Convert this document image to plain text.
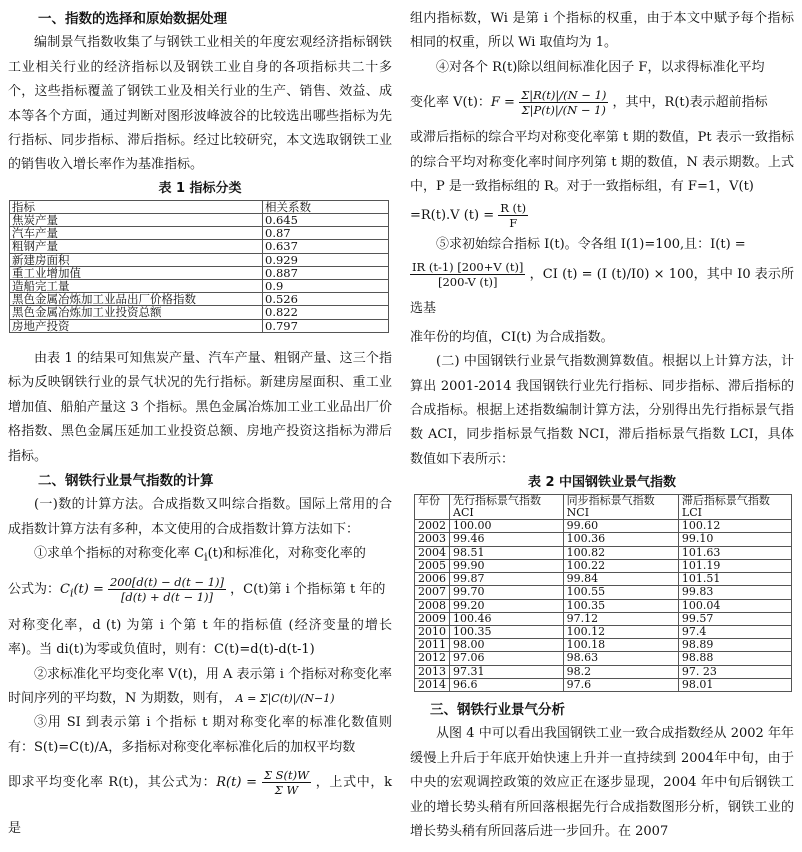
一、指数的选择和原始数据处理

编制景气指数收集了与钢铁工业相关的年度宏观经济指标钢铁工业相关行业的经济指标以及钢铁工业自身的各项指标共二十多个，这些指标覆盖了钢铁工业及相关行业的生产、销售、效益、成本等各个方面，通过判断对图形波峰波谷的比较选出哪些指标为先行指标、同步指标、滞后指标。经过比较研究，本文选取钢铁工业的销售收入增长率作为基准指标。

表 1 指标分类

指标	相关系数
焦炭产量	0.645
汽车产量	0.87
粗钢产量	0.637
新建房面积	0.929
重工业增加值	0.887
造船完工量	0.9
黑色金属冶炼加工业品出厂价格指数	0.526
黑色金属冶炼加工业投资总额	0.822
房地产投资	0.797

由表 1 的结果可知焦炭产量、汽车产量、粗钢产量、这三个指标为反映钢铁行业的景气状况的先行指标。新建房屋面积、重工业增加值、船舶产量这 3 个指标。黑色金属冶炼加工业工业品出厂价格指数、黑色金属压延加工业投资总额、房地产投资这指标为滞后指标。

二、钢铁行业景气指数的计算

(一)数的计算方法。合成指数又叫综合指数。国际上常用的合成指数计算方法有多种，本文使用的合成指数计算方法如下：

①求单个指标的对称变化率 $C_i(t)$和标准化，对称变化率的

公式为：$C_i(t) = \frac{200[d(t) - d(t - 1)]}{[d(t) + d(t - 1)]}$ ，C(t)第 i 个指标第 t 年的

对称变化率，d (t) 为第 i 个第 t 年的指标值 (经济变量的增长率)。当 di(t)为零或负值时，则有：C(t)=d(t)-d(t-1)

②求标准化平均变化率 V(t)，用 A 表示第 i 个指标对称变化率时间序列的平均数，N 为期数，则有， A = Σ|C(t)|/(N−1)

③用 SI 到表示第 i 个指标 t 期对称变化率的标准化数值则有：S(t)=C(t)/A，多指标对称变化率标准化后的加权平均数

即求平均变化率 R(t)，其公式为：$R(t) = \frac{\text{Σ S(t)W}}{\text{Σ W}}$ ，上式中，k 是

组内指标数，Wi 是第 i 个指标的权重，由于本文中赋予每个指标相同的权重，所以 Wi 取值均为 1。

④对各个 R(t)除以组间标准化因子 F，以求得标准化平均

变化率 V(t)：$F = \frac{\Sigma|R(t)|/(N - 1)}{\Sigma|P(t)|/(N - 1)}$ ，其中，R(t)表示超前指标

或滞后指标的综合平均对称变化率第 t 期的数值，Pt 表示一致指标的综合平均对称变化率时间序列第 t 期的数值，N 表示期数。上式中，P 是一致指标组的 R。对于一致指标组，有 F=1，V(t)

=R(t).V $(t) = \frac{R (t)}{F}$

⑤求初始综合指标 I(t)。令各组 I(1)=100,且：I(t) =

$\frac{IR (t-1) [200+V (t)]}{[200-V (t)]}$ ，CI (t) = (I (t)/I0) × 100，其中 I0 表示所选基

准年份的均值，CI(t) 为合成指数。

(二) 中国钢铁行业景气指数测算数值。根据以上计算方法，计算出 2001-2014 我国钢铁行业先行指标、同步指标、滞后指标的合成指标。根据上述指数编制计算方法，分别得出先行指标景气指数 ACI，同步指标景气指数 NCI，滞后指标景气指数 LCI，具体数值如下表所示：

表 2 中国钢铁业景气指数

年份	先行指标景气指数 ACI	同步指标景气指数 NCI	滞后指标景气指数 LCI
2002	100.00	99.60	100.12
2003	99.46	100.36	99.10
2004	98.51	100.82	101.63
2005	99.90	100.22	101.19
2006	99.87	99.84	101.51
2007	99.70	100.55	99.83
2008	99.20	100.35	100.04
2009	100.46	97.12	99.57
2010	100.35	100.12	97.4
2011	98.00	100.18	98.89
2012	97.06	98.63	98.88
2013	97.31	98.2	97. 23
2014	96.6	97.6	98.01
三、钢铁行业景气分析

从图 4 中可以看出我国钢铁工业一致合成指数经从 2002 年年缓慢上升后于年底开始快速上升并一直持续到 2004年中旬，由于中央的宏观调控政策的效应正在逐步显现，2004 年中旬后钢铁工业的增长势头稍有所回落根据先行合成指数图形分析，钢铁工业的增长势头稍有所回落后进一步回升。在 2007
